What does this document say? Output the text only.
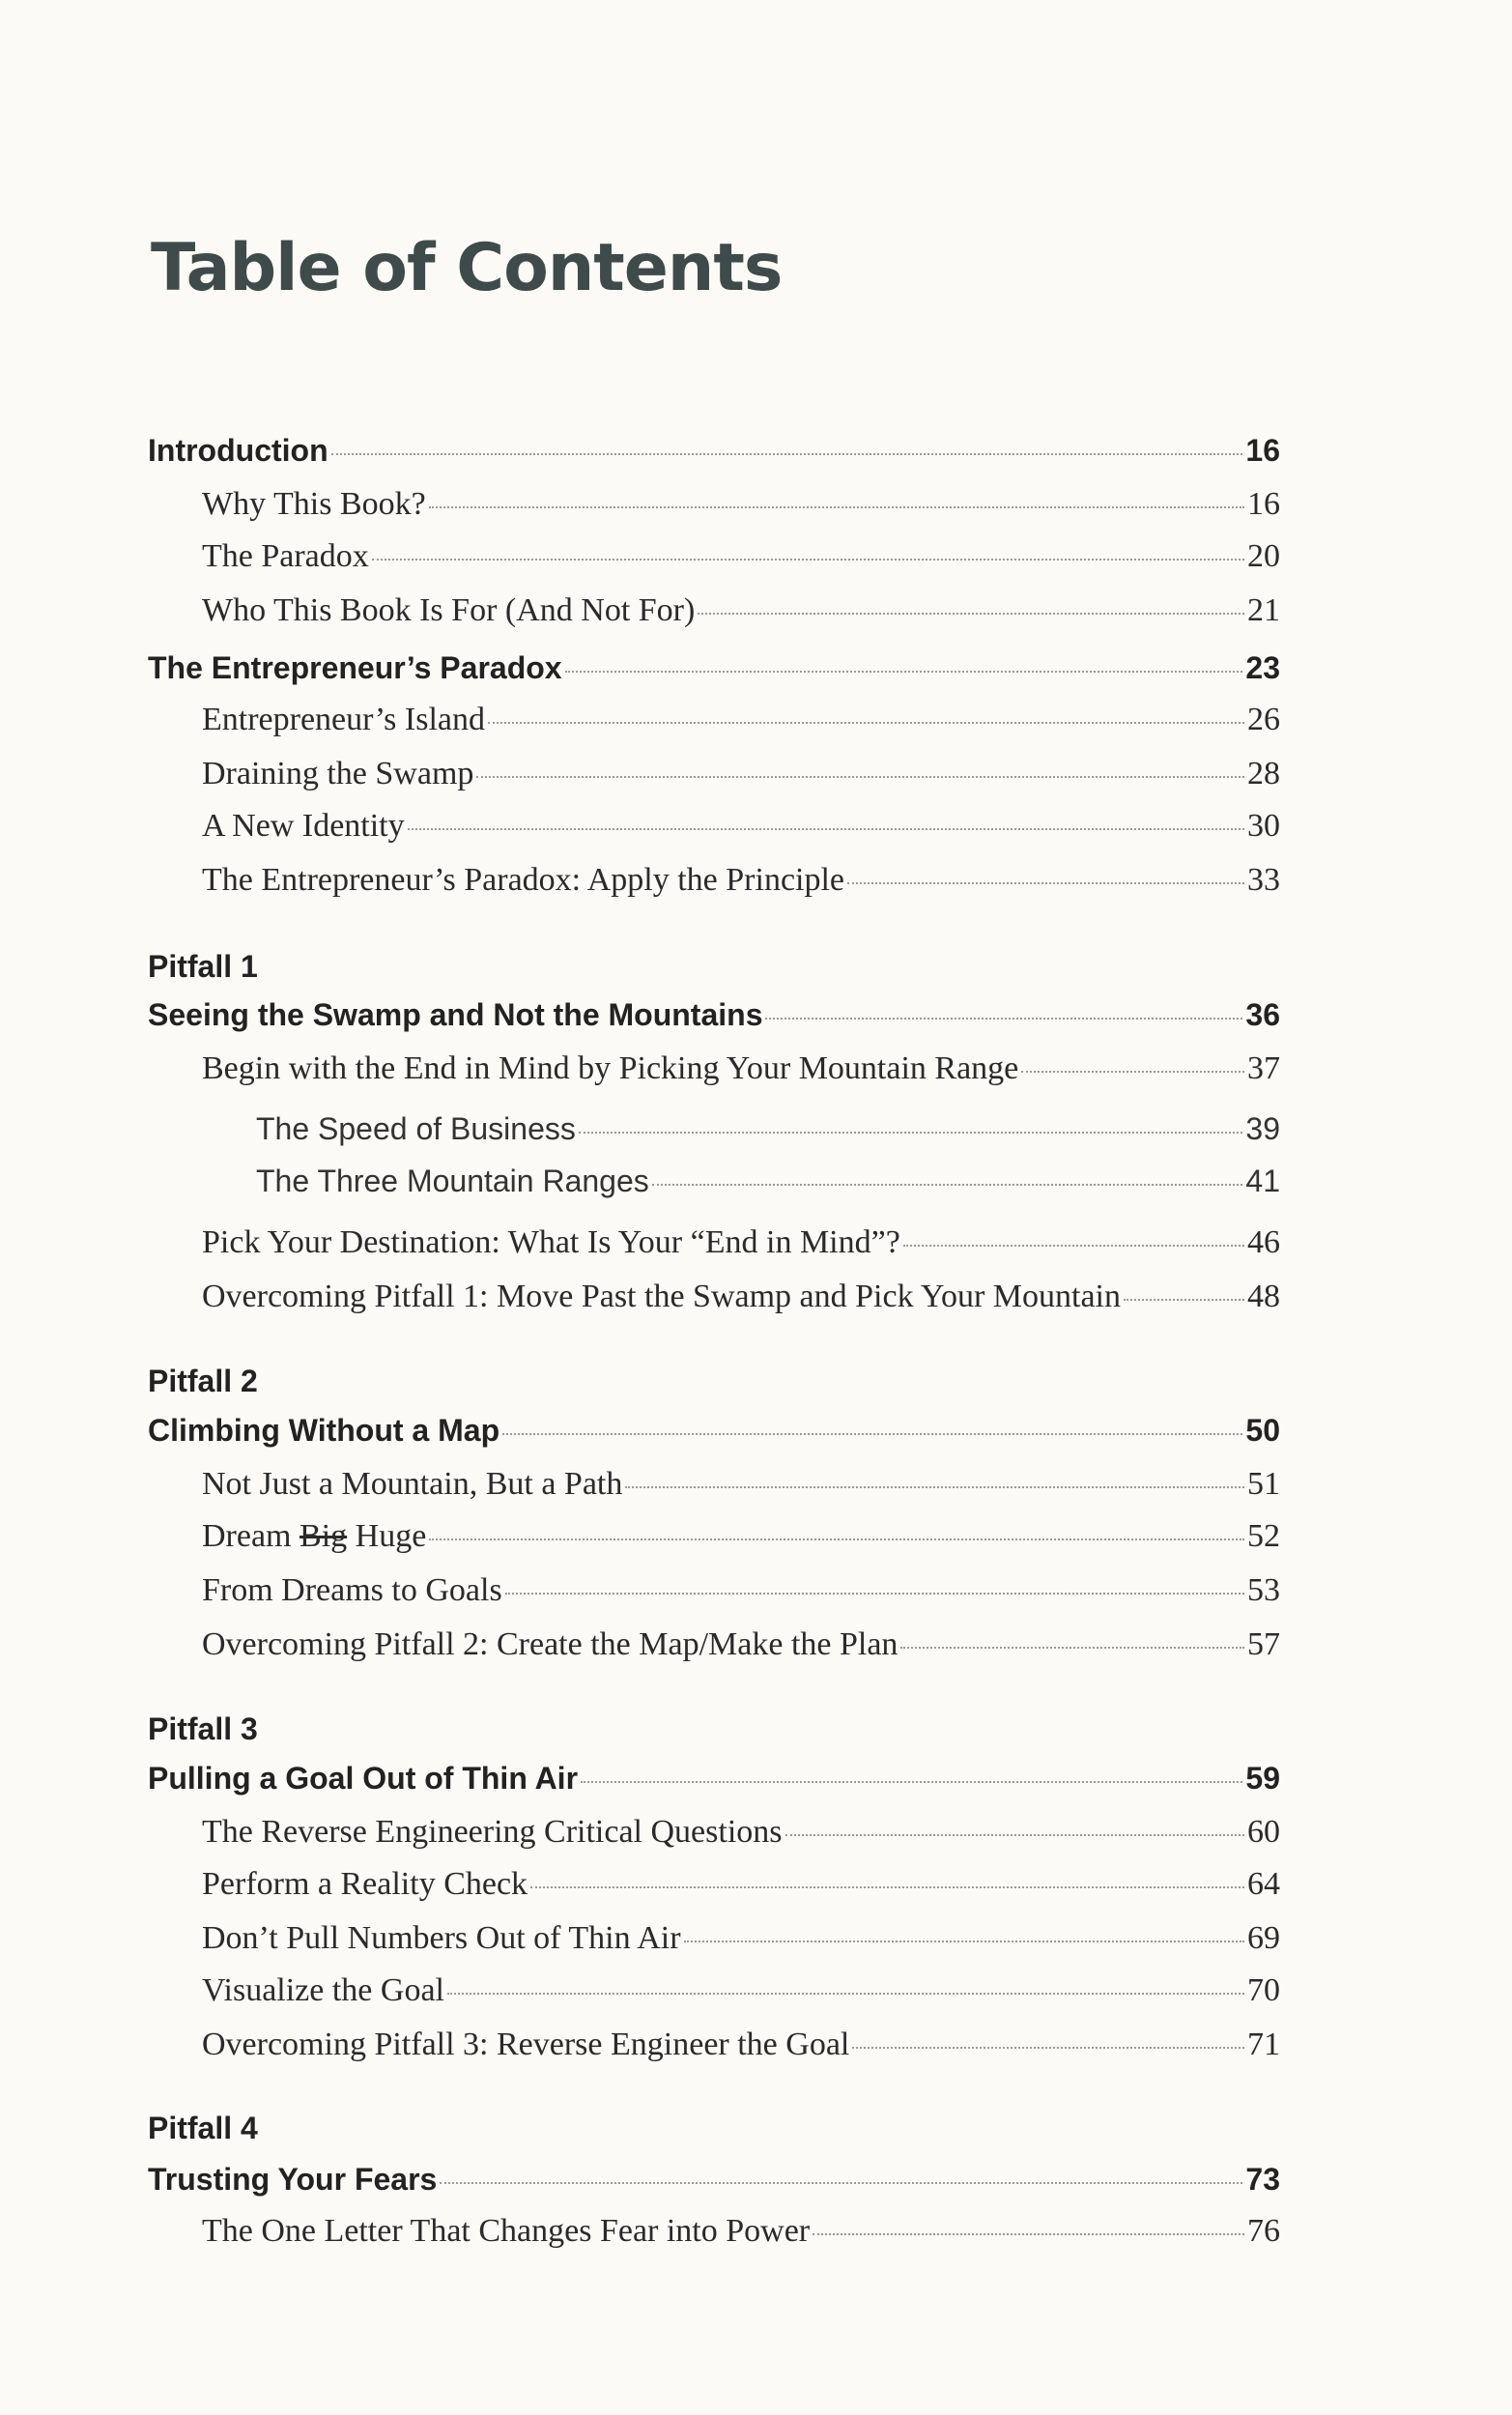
Table of Contents
Introduction	16
Why This Book?	16
The Paradox	20
Who This Book Is For (And Not For)	21
The Entrepreneur’s Paradox	23
Entrepreneur’s Island	26
Draining the Swamp	28
A New Identity	30
The Entrepreneur’s Paradox: Apply the Principle	33
Pitfall 1
Seeing the Swamp and Not the Mountains	36
Begin with the End in Mind by Picking Your Mountain Range	37
The Speed of Business	39
The Three Mountain Ranges	41
Pick Your Destination: What Is Your “End in Mind”?	46
Overcoming Pitfall 1: Move Past the Swamp and Pick Your Mountain	48
Pitfall 2
Climbing Without a Map	50
Not Just a Mountain, But a Path	51
Dream Big Huge	52
From Dreams to Goals	53
Overcoming Pitfall 2: Create the Map/Make the Plan	57
Pitfall 3
Pulling a Goal Out of Thin Air	59
The Reverse Engineering Critical Questions	60
Perform a Reality Check	64
Don’t Pull Numbers Out of Thin Air	69
Visualize the Goal	70
Overcoming Pitfall 3: Reverse Engineer the Goal	71
Pitfall 4
Trusting Your Fears	73
The One Letter That Changes Fear into Power	76
